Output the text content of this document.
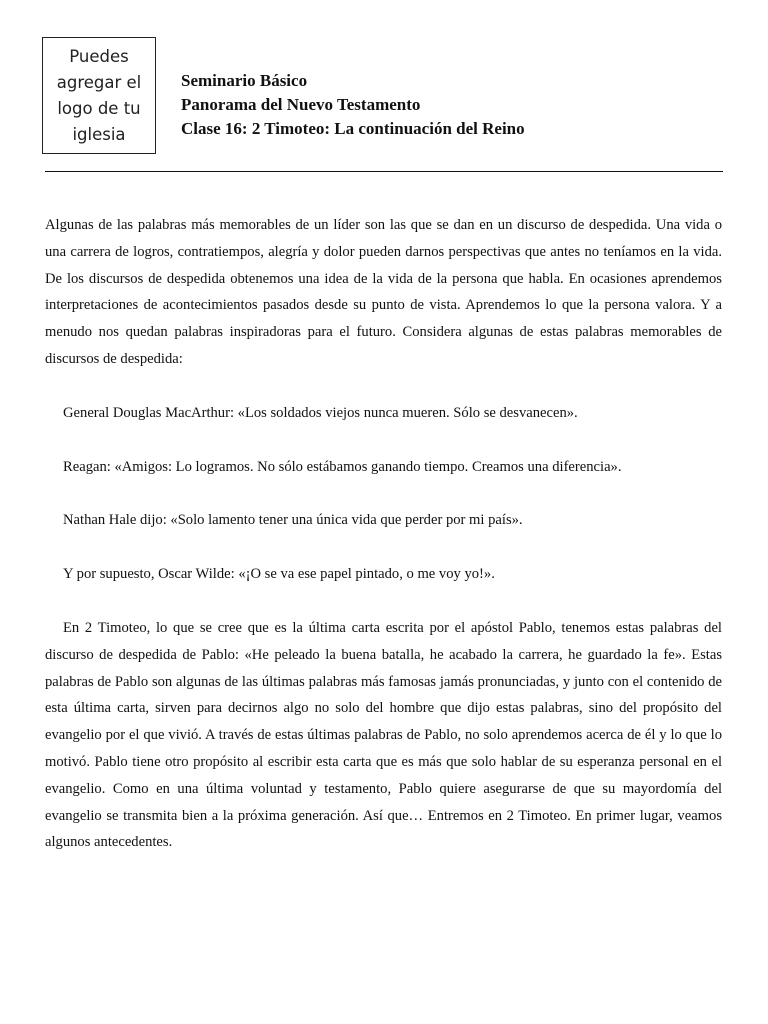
Puedes
agregar el
logo de tu
iglesia
Seminario Básico
Panorama del Nuevo Testamento
Clase 16: 2 Timoteo: La continuación del Reino

Algunas de las palabras más memorables de un líder son las que se dan en un discurso de despedida. Una vida o una carrera de logros, contratiempos, alegría y dolor pueden darnos perspectivas que antes no teníamos en la vida. De los discursos de despedida obtenemos una idea de la vida de la persona que habla. En ocasiones aprendemos interpretaciones de acontecimientos pasados desde su punto de vista. Aprendemos lo que la persona valora. Y a menudo nos quedan palabras inspiradoras para el futuro. Considera algunas de estas palabras memorables de discursos de despedida:

General Douglas MacArthur: «Los soldados viejos nunca mueren. Sólo se desvanecen».

Reagan: «Amigos: Lo logramos. No sólo estábamos ganando tiempo. Creamos una diferencia».

Nathan Hale dijo: «Solo lamento tener una única vida que perder por mi país».

Y por supuesto, Oscar Wilde: «¡O se va ese papel pintado, o me voy yo!».

En 2 Timoteo, lo que se cree que es la última carta escrita por el apóstol Pablo, tenemos estas palabras del discurso de despedida de Pablo: «He peleado la buena batalla, he acabado la carrera, he guardado la fe». Estas palabras de Pablo son algunas de las últimas palabras más famosas jamás pronunciadas, y junto con el contenido de esta última carta, sirven para decirnos algo no solo del hombre que dijo estas palabras, sino del propósito del evangelio por el que vivió. A través de estas últimas palabras de Pablo, no solo aprendemos acerca de él y lo que lo motivó. Pablo tiene otro propósito al escribir esta carta que es más que solo hablar de su esperanza personal en el evangelio. Como en una última voluntad y testamento, Pablo quiere asegurarse de que su mayordomía del evangelio se transmita bien a la próxima generación. Así que… Entremos en 2 Timoteo. En primer lugar, veamos algunos antecedentes.
